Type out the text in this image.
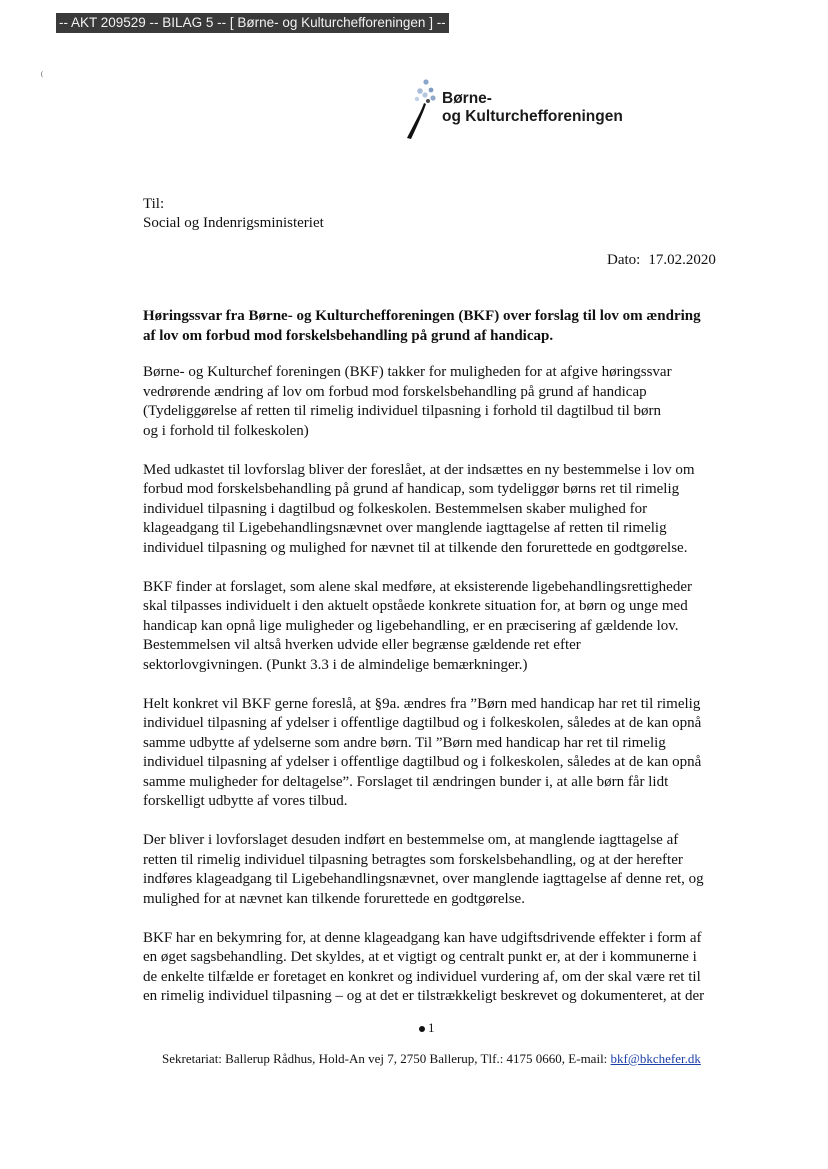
-- AKT 209529 -- BILAG 5 -- [ Børne- og Kulturchefforeningen ] --
(
Børne-
og Kulturchefforeningen
Til:
Social og Indenrigsministeriet
Dato: 17.02.2020
Høringssvar fra Børne- og Kulturchefforeningen (BKF) over forslag til lov om ændring af lov om forbud mod forskelsbehandling på grund af handicap.
Børne- og Kulturchef foreningen (BKF) takker for muligheden for at afgive høringssvar
vedrørende ændring af lov om forbud mod forskelsbehandling på grund af handicap
(Tydeliggørelse af retten til rimelig individuel tilpasning i forhold til dagtilbud til børn
og i forhold til folkeskolen)
Med udkastet til lovforslag bliver der foreslået, at der indsættes en ny bestemmelse i lov om
forbud mod forskelsbehandling på grund af handicap, som tydeliggør børns ret til rimelig
individuel tilpasning i dagtilbud og folkeskolen. Bestemmelsen skaber mulighed for
klageadgang til Ligebehandlingsnævnet over manglende iagttagelse af retten til rimelig
individuel tilpasning og mulighed for nævnet til at tilkende den forurettede en godtgørelse.
BKF finder at forslaget, som alene skal medføre, at eksisterende ligebehandlingsrettigheder
skal tilpasses individuelt i den aktuelt opståede konkrete situation for, at børn og unge med
handicap kan opnå lige muligheder og ligebehandling, er en præcisering af gældende lov.
Bestemmelsen vil altså hverken udvide eller begrænse gældende ret efter
sektorlovgivningen. (Punkt 3.3 i de almindelige bemærkninger.)
Helt konkret vil BKF gerne foreslå, at §9a. ændres fra ”Børn med handicap har ret til rimelig
individuel tilpasning af ydelser i offentlige dagtilbud og i folkeskolen, således at de kan opnå
samme udbytte af ydelserne som andre børn. Til ”Børn med handicap har ret til rimelig
individuel tilpasning af ydelser i offentlige dagtilbud og i folkeskolen, således at de kan opnå
samme muligheder for deltagelse”. Forslaget til ændringen bunder i, at alle børn får lidt
forskelligt udbytte af vores tilbud.
Der bliver i lovforslaget desuden indført en bestemmelse om, at manglende iagttagelse af
retten til rimelig individuel tilpasning betragtes som forskelsbehandling, og at der herefter
indføres klageadgang til Ligebehandlingsnævnet, over manglende iagttagelse af denne ret, og
mulighed for at nævnet kan tilkende forurettede en godtgørelse.
BKF har en bekymring for, at denne klageadgang kan have udgiftsdrivende effekter i form af
en øget sagsbehandling. Det skyldes, at et vigtigt og centralt punkt er, at der i kommunerne i
de enkelte tilfælde er foretaget en konkret og individuel vurdering af, om der skal være ret til
en rimelig individuel tilpasning – og at det er tilstrækkeligt beskrevet og dokumenteret, at der
1
Sekretariat: Ballerup Rådhus, Hold-An vej 7, 2750 Ballerup, Tlf.: 4175 0660, E-mail: bkf@bkchefer.dk
